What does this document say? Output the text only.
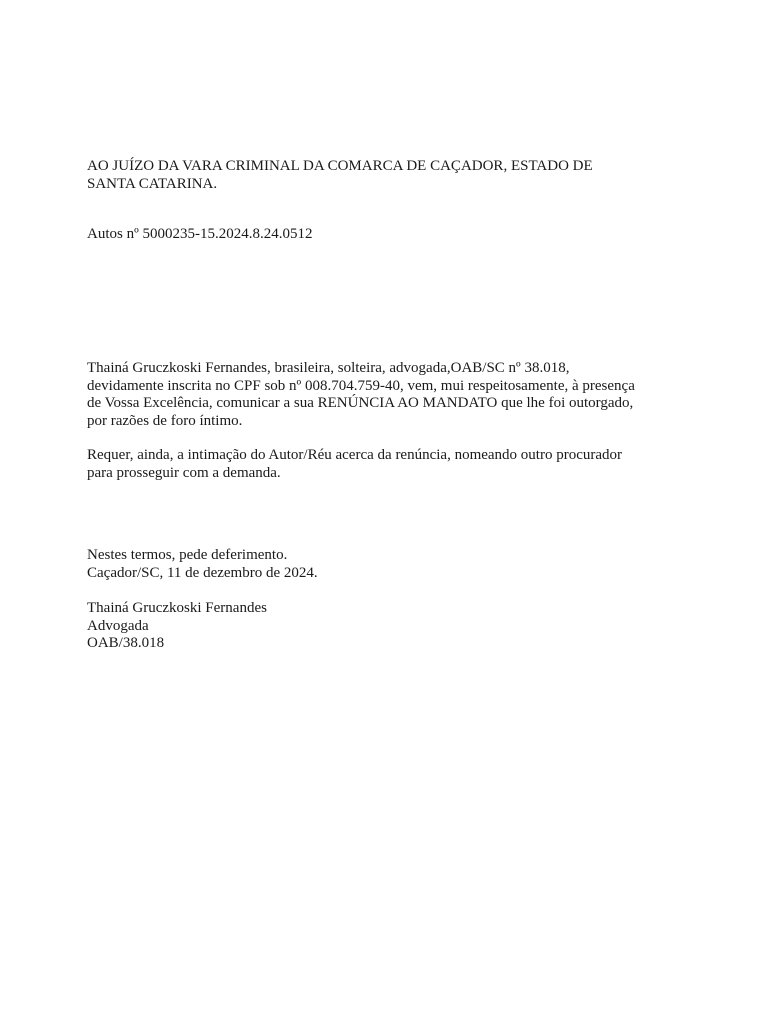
AO JUÍZO DA VARA CRIMINAL DA COMARCA DE CAÇADOR, ESTADO DE

SANTA CATARINA.

Autos nº 5000235-15.2024.8.24.0512

Thainá Gruczkoski Fernandes, brasileira, solteira, advogada,OAB/SC nº 38.018,

devidamente inscrita no CPF sob nº 008.704.759-40, vem, mui respeitosamente, à presença

de Vossa Excelência, comunicar a sua RENÚNCIA AO MANDATO que lhe foi outorgado,

por razões de foro íntimo.

Requer, ainda, a intimação do Autor/Réu acerca da renúncia, nomeando outro procurador

para prosseguir com a demanda.

Nestes termos, pede deferimento.

Caçador/SC, 11 de dezembro de 2024.

Thainá Gruczkoski Fernandes

Advogada

OAB/38.018
